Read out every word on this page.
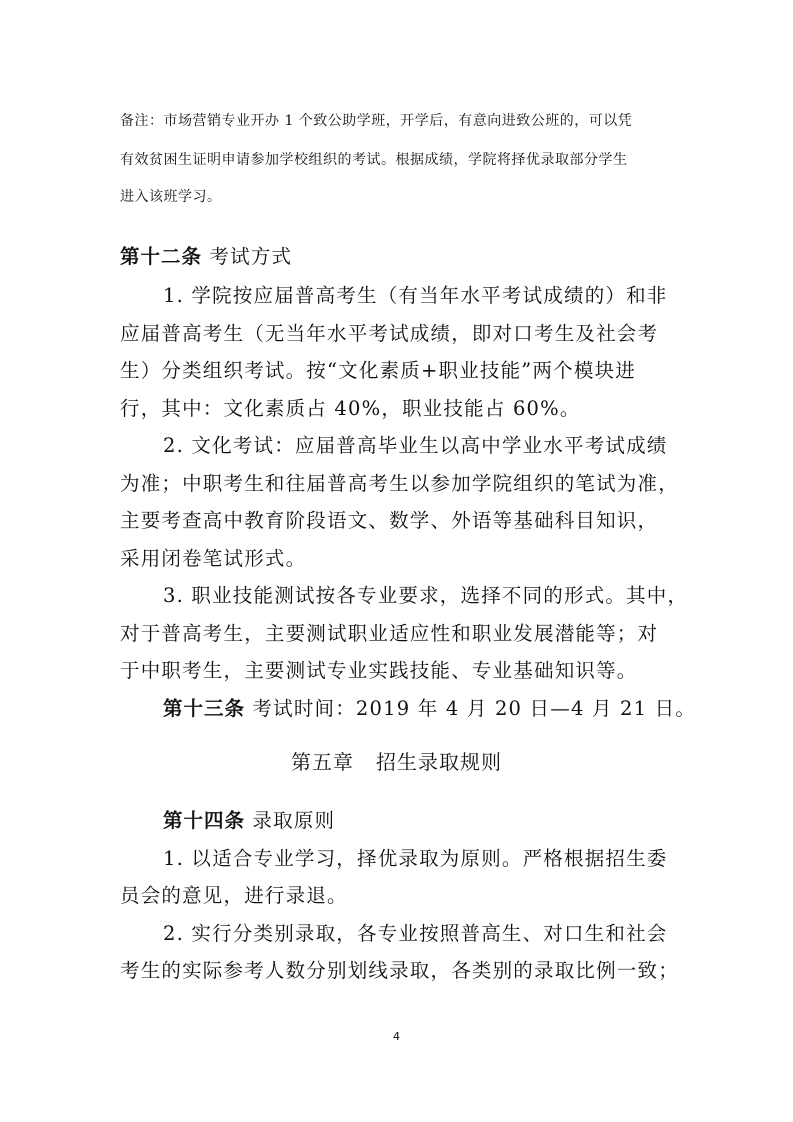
备注：市场营销专业开办 1 个致公助学班，开学后，有意向进致公班的，可以凭
有效贫困生证明申请参加学校组织的考试。根据成绩，学院将择优录取部分学生
进入该班学习。
第十二条 考试方式
1. 学院按应届普高考生（有当年水平考试成绩的）和非
应届普高考生（无当年水平考试成绩，即对口考生及社会考
生）分类组织考试。按“文化素质+职业技能”两个模块进
行，其中：文化素质占 40%，职业技能占 60%。
2. 文化考试：应届普高毕业生以高中学业水平考试成绩
为准；中职考生和往届普高考生以参加学院组织的笔试为准，
主要考查高中教育阶段语文、数学、外语等基础科目知识，
采用闭卷笔试形式。
3. 职业技能测试按各专业要求，选择不同的形式。其中，
对于普高考生，主要测试职业适应性和职业发展潜能等；对
于中职考生，主要测试专业实践技能、专业基础知识等。
第十三条 考试时间：2019 年 4 月 20 日—4 月 21 日。
第五章 招生录取规则
第十四条 录取原则
1. 以适合专业学习，择优录取为原则。严格根据招生委
员会的意见，进行录退。
2. 实行分类别录取，各专业按照普高生、对口生和社会
考生的实际参考人数分别划线录取，各类别的录取比例一致；
4
